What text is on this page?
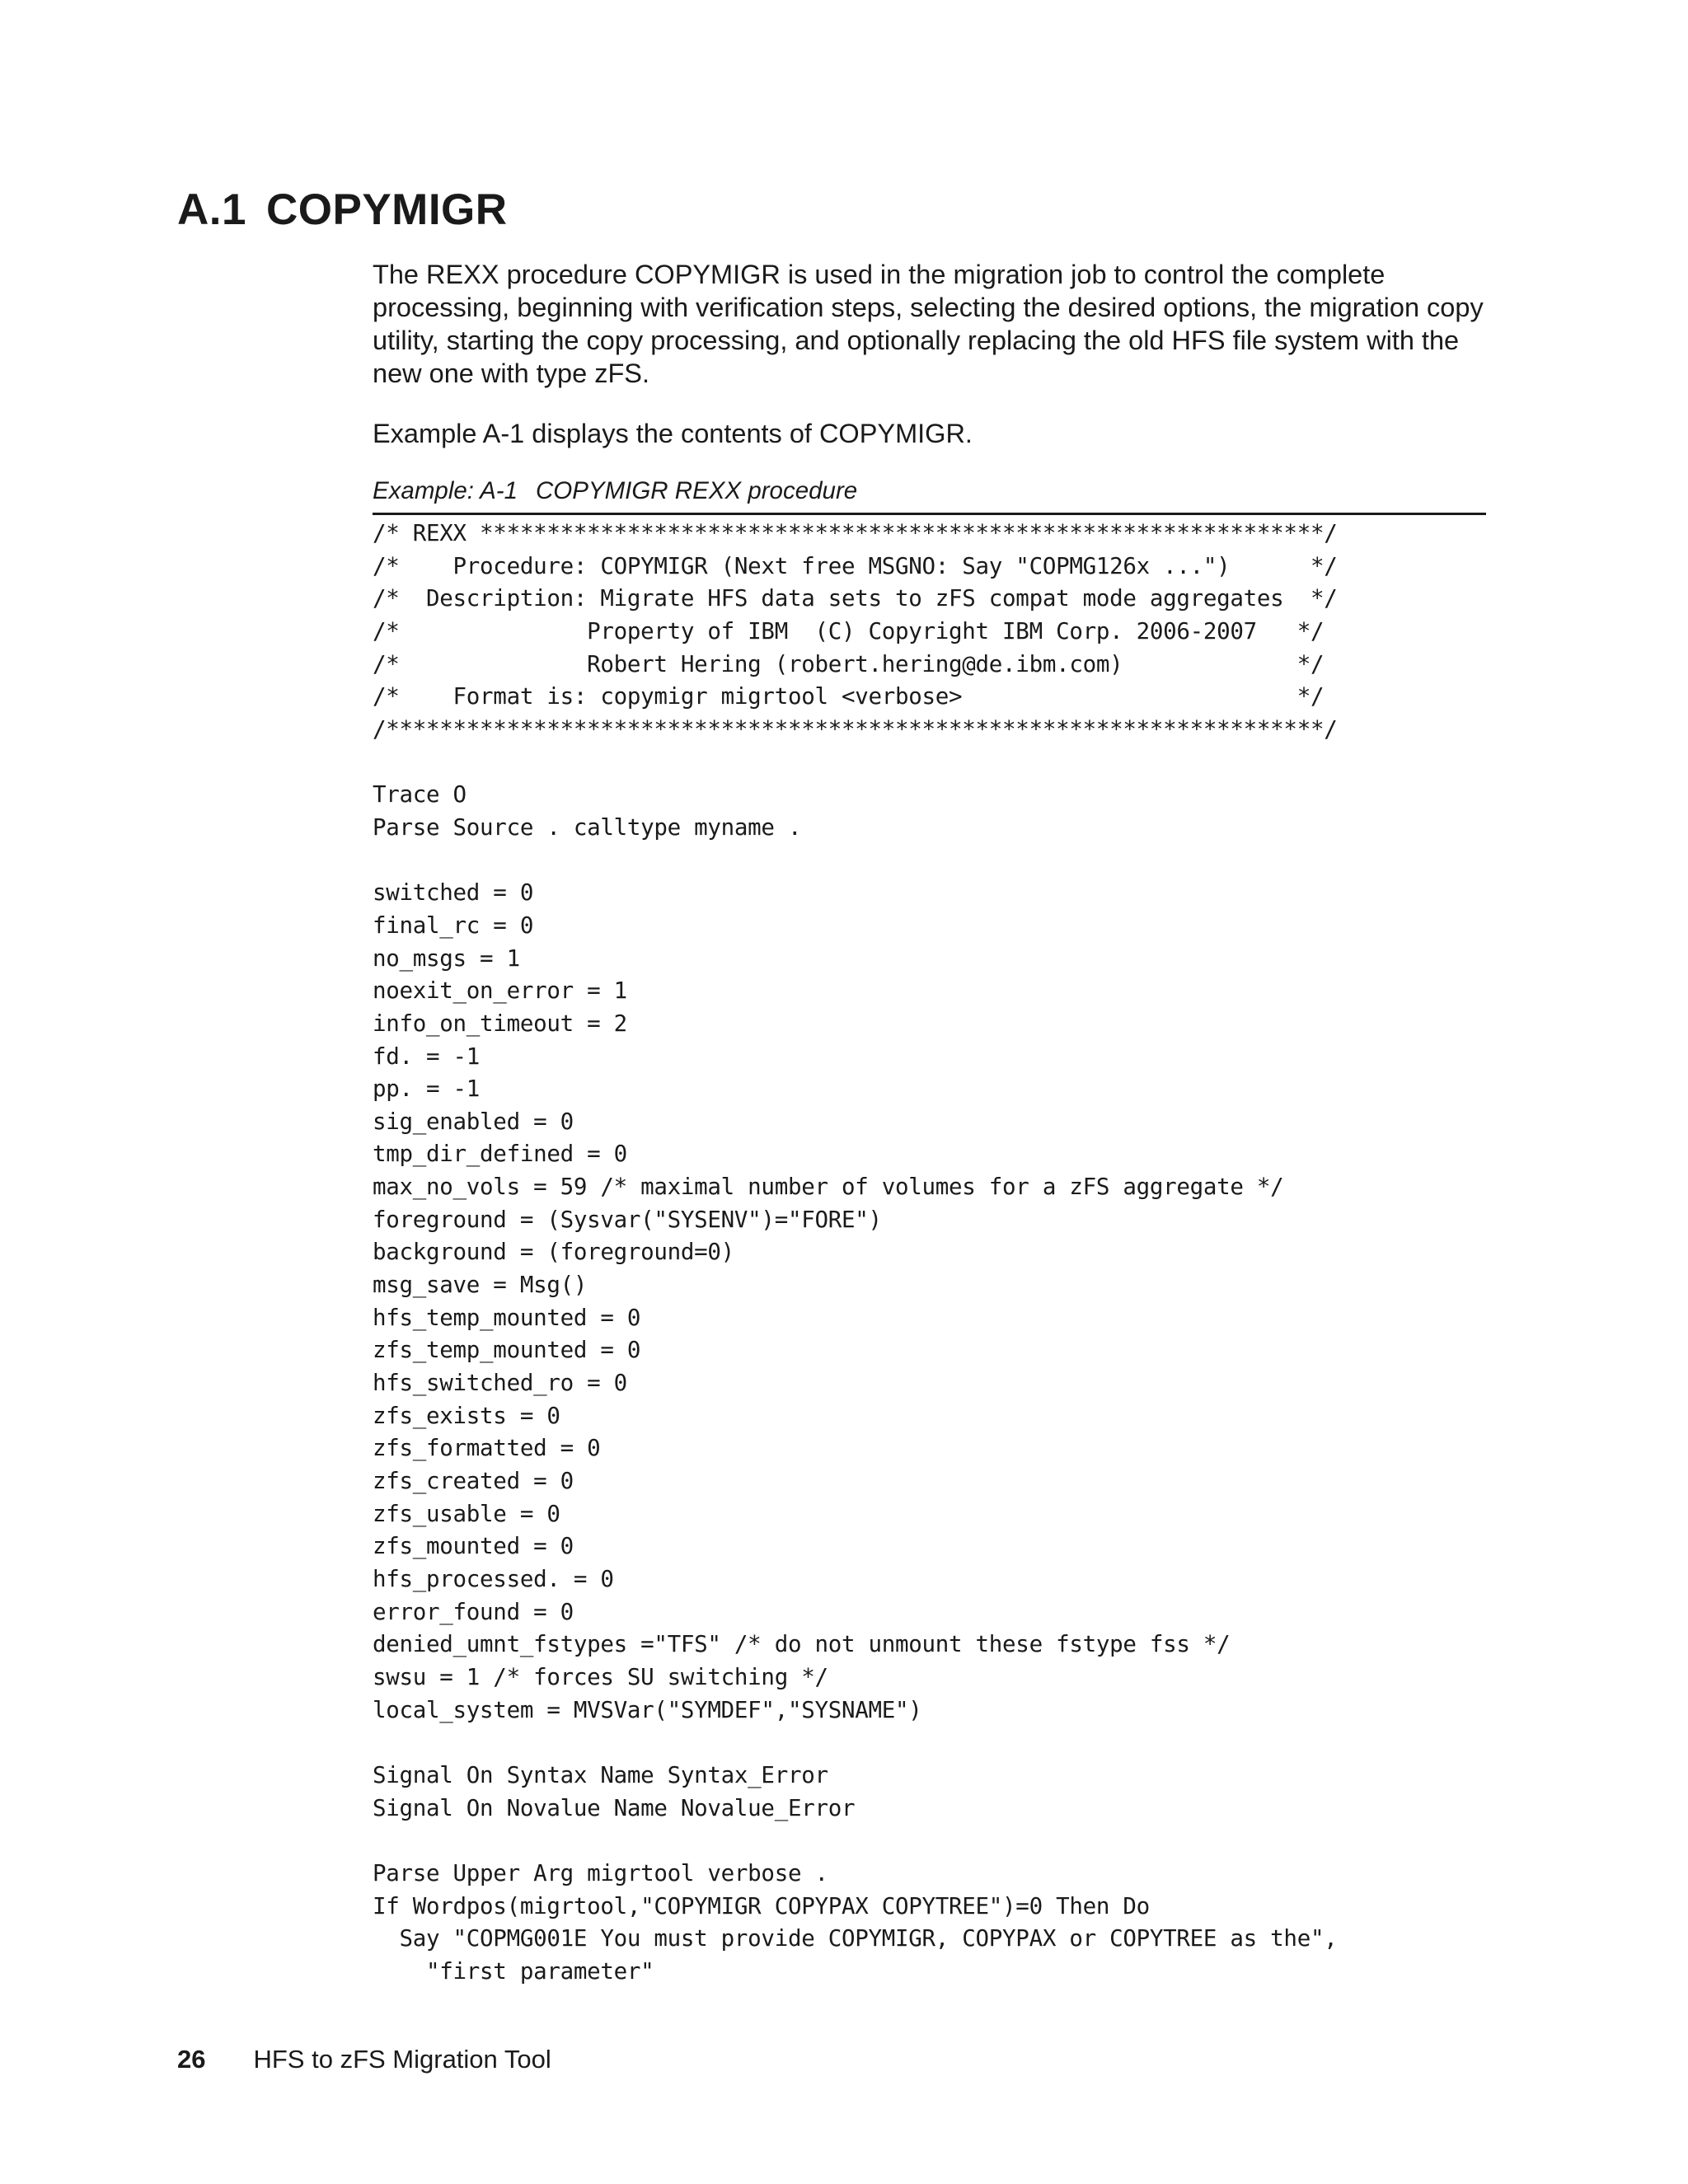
A.1 COPYMIGR

The REXX procedure COPYMIGR is used in the migration job to control the complete processing, beginning with verification steps, selecting the desired options, the migration copy utility, starting the copy processing, and optionally replacing the old HFS file system with the new one with type zFS.

Example A-1 displays the contents of COPYMIGR.

Example: A-1 COPYMIGR REXX procedure

/* REXX ***************************************************************/
/*    Procedure: COPYMIGR (Next free MSGNO: Say "COPMG126x ...")      */
/*  Description: Migrate HFS data sets to zFS compat mode aggregates  */
/*              Property of IBM  (C) Copyright IBM Corp. 2006-2007   */
/*              Robert Hering (robert.hering@de.ibm.com)             */
/*    Format is: copymigr migrtool <verbose>                         */
/**********************************************************************/

Trace O
Parse Source . calltype myname .

switched = 0
final_rc = 0
no_msgs = 1
noexit_on_error = 1
info_on_timeout = 2
fd. = -1
pp. = -1
sig_enabled = 0
tmp_dir_defined = 0
max_no_vols = 59 /* maximal number of volumes for a zFS aggregate */
foreground = (Sysvar("SYSENV")="FORE")
background = (foreground=0)
msg_save = Msg()
hfs_temp_mounted = 0
zfs_temp_mounted = 0
hfs_switched_ro = 0
zfs_exists = 0
zfs_formatted = 0
zfs_created = 0
zfs_usable = 0
zfs_mounted = 0
hfs_processed. = 0
error_found = 0
denied_umnt_fstypes ="TFS" /* do not unmount these fstype fss */
swsu = 1 /* forces SU switching */
local_system = MVSVar("SYMDEF","SYSNAME")

Signal On Syntax Name Syntax_Error
Signal On Novalue Name Novalue_Error

Parse Upper Arg migrtool verbose .
If Wordpos(migrtool,"COPYMIGR COPYPAX COPYTREE")=0 Then Do
Say "COPMG001E You must provide COPYMIGR, COPYPAX or COPYTREE as the",
"first parameter"
26 HFS to zFS Migration Tool
